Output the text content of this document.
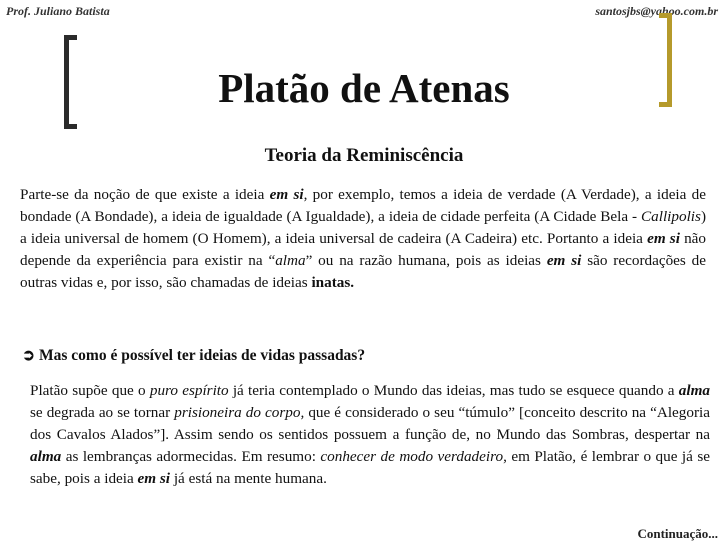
Prof. Juliano Batista	santosjbs@yahoo.com.br
Platão de Atenas
Teoria da Reminiscência

Parte-se da noção de que existe a ideia em si, por exemplo, temos a ideia de verdade (A Verdade), a ideia de bondade (A Bondade), a ideia de igualdade (A Igualdade), a ideia de cidade perfeita (A Cidade Bela - Callipolis) a ideia universal de homem (O Homem), a ideia universal de cadeira (A Cadeira) etc. Portanto a ideia em si não depende da experiência para existir na “alma” ou na razão humana, pois as ideias em si são recordações de outras vidas e, por isso, são chamadas de ideias inatas.

➲ Mas como é possível ter ideias de vidas passadas?

Platão supõe que o puro espírito já teria contemplado o Mundo das ideias, mas tudo se esquece quando a alma se degrada ao se tornar prisioneira do corpo, que é considerado o seu “túmulo” [conceito descrito na “Alegoria dos Cavalos Alados”]. Assim sendo os sentidos possuem a função de, no Mundo das Sombras, despertar na alma as lembranças adormecidas. Em resumo: conhecer de modo verdadeiro, em Platão, é lembrar o que já se sabe, pois a ideia em si já está na mente humana.

Continuação...
